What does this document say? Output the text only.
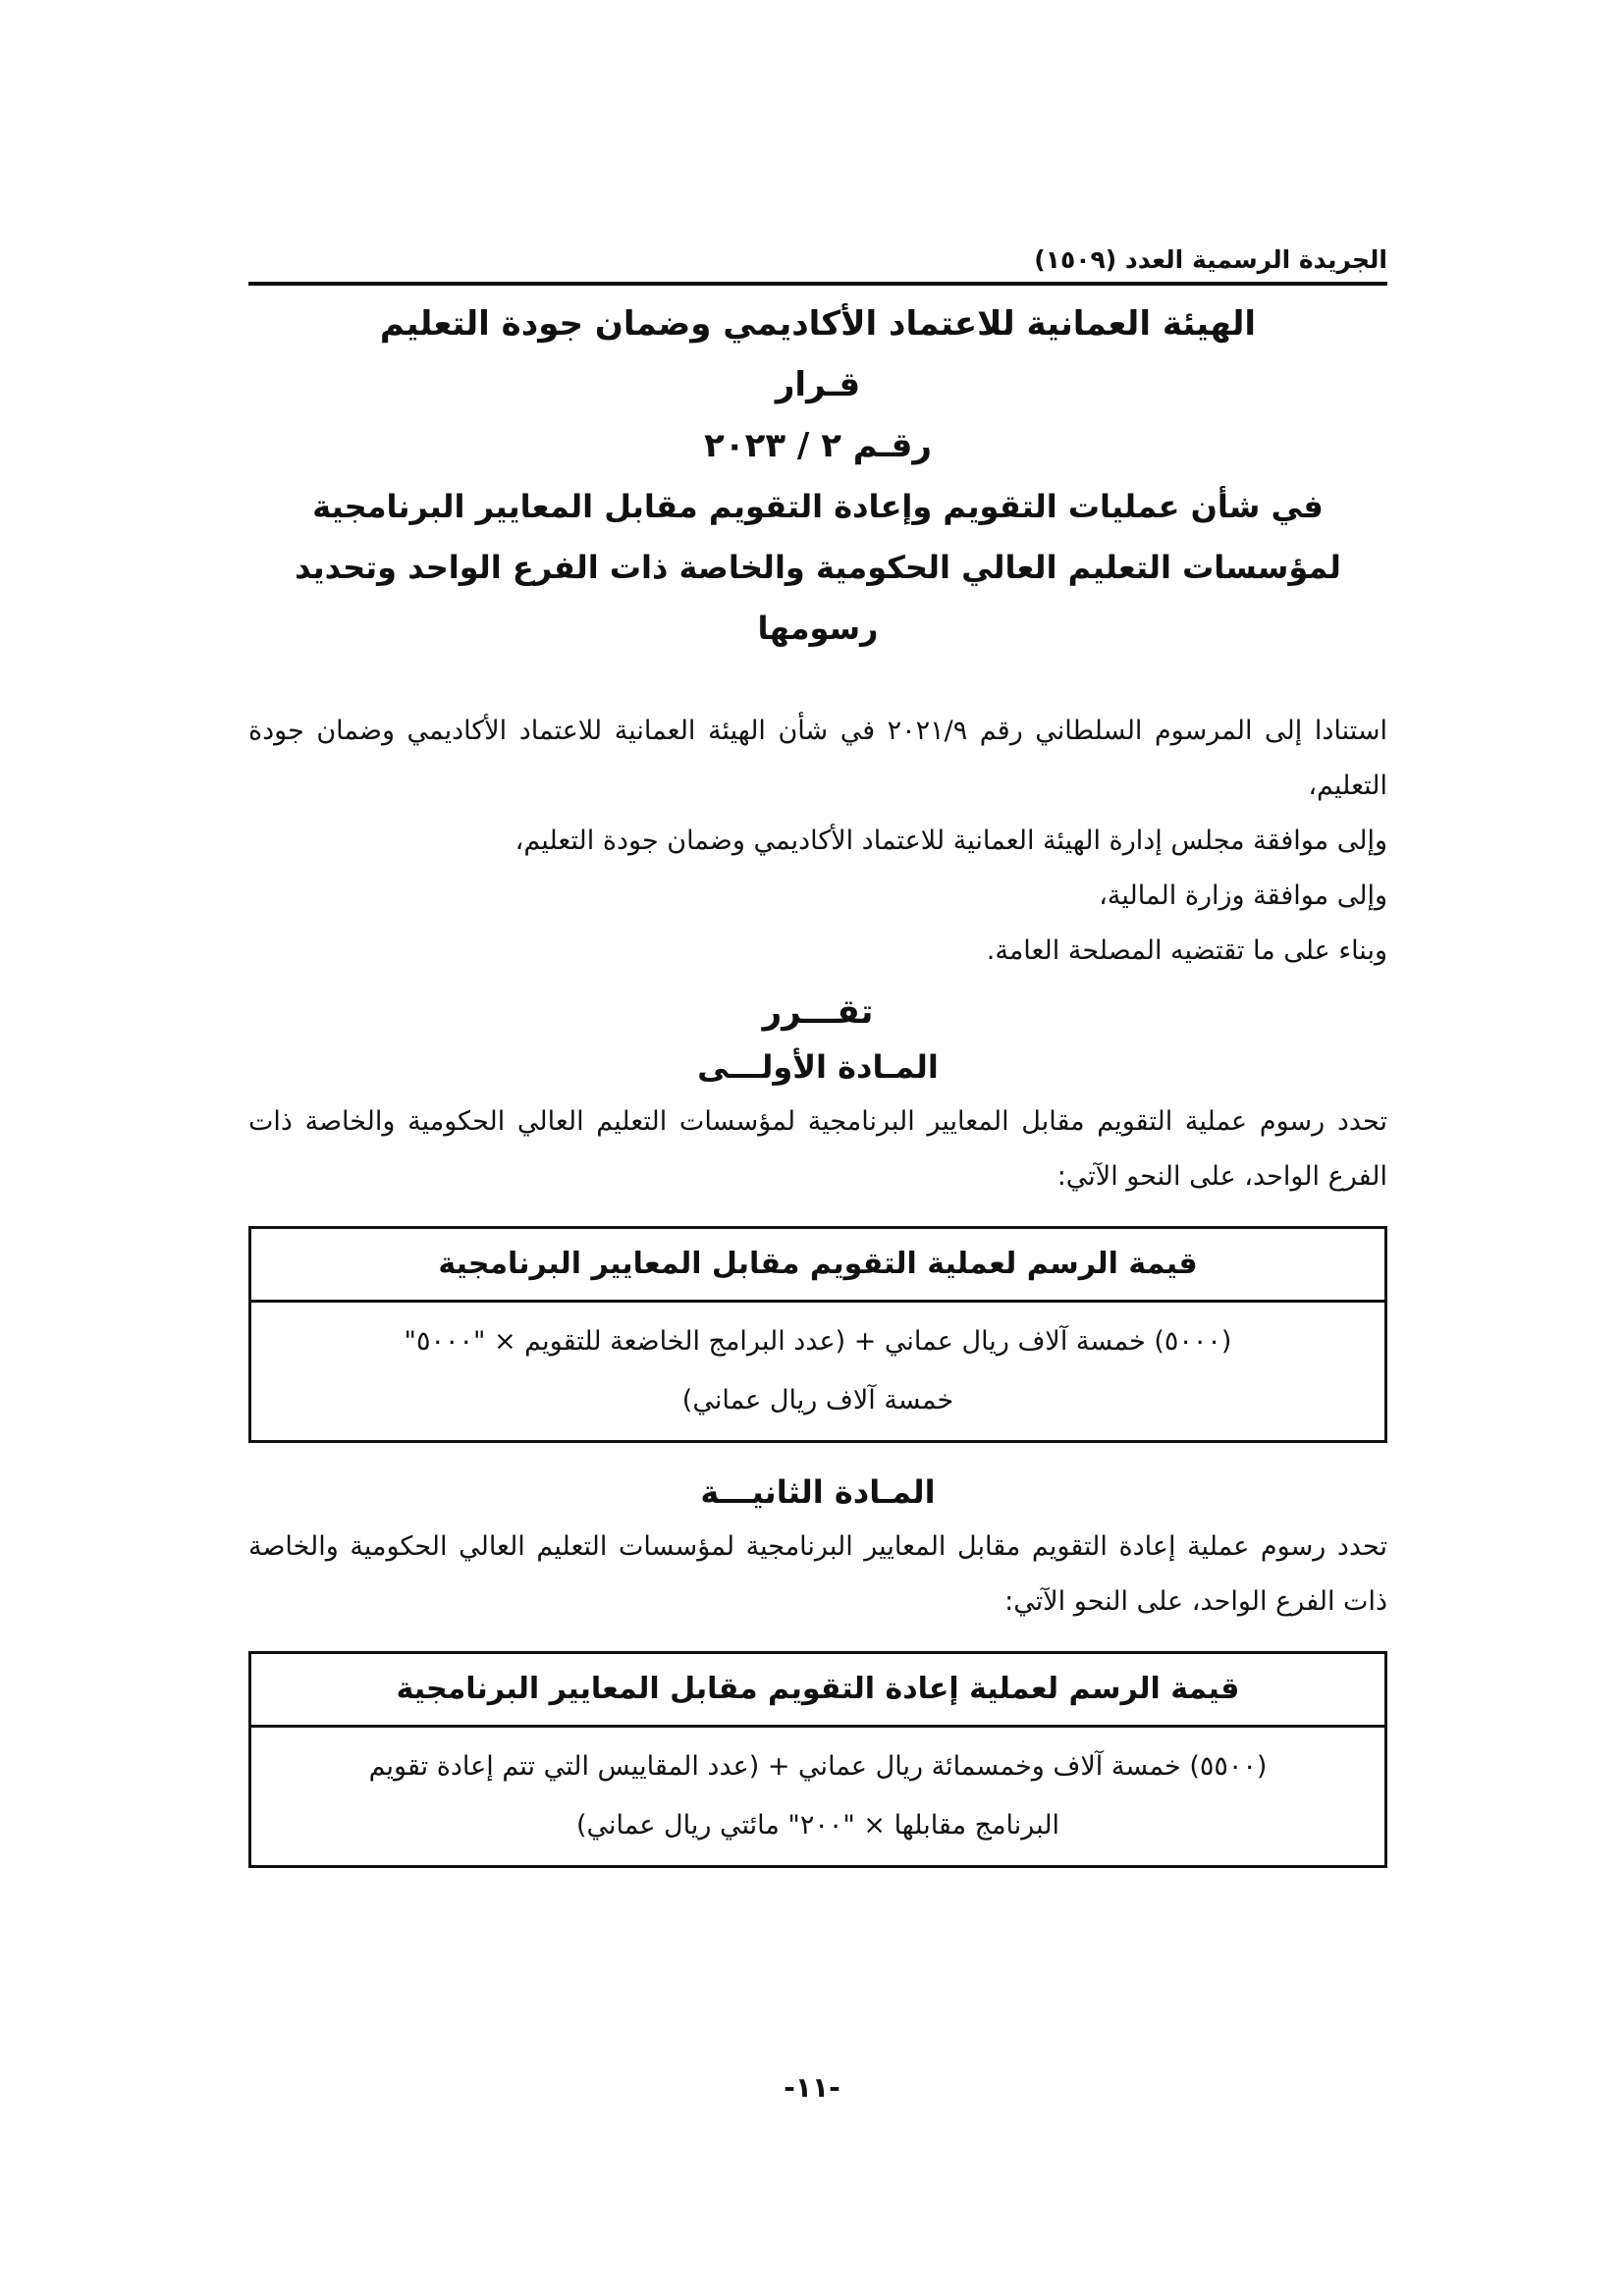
الجريدة الرسمية العدد (١٥٠٩)
الهيئة العمانية للاعتماد الأكاديمي وضمان جودة التعليم
قـرار
رقـم ٢ / ٢٠٢٣
في شأن عمليات التقويم وإعادة التقويم مقابل المعايير البرنامجية
لمؤسسات التعليم العالي الحكومية والخاصة ذات الفرع الواحد وتحديد رسومها

استنادا إلى المرسوم السلطاني رقم ٢٠٢١/٩ في شأن الهيئة العمانية للاعتماد الأكاديمي وضمان جودة التعليم،

وإلى موافقة مجلس إدارة الهيئة العمانية للاعتماد الأكاديمي وضمان جودة التعليم،

وإلى موافقة وزارة المالية،

وبناء على ما تقتضيه المصلحة العامة.

تقـــرر
المـادة الأولـــى

تحدد رسوم عملية التقويم مقابل المعايير البرنامجية لمؤسسات التعليم العالي الحكومية والخاصة ذات الفرع الواحد، على النحو الآتي:

قيمة الرسم لعملية التقويم مقابل المعايير البرنامجية

(٥٠٠٠) خمسة آلاف ريال عماني + (عدد البرامج الخاضعة للتقويم × "٥٠٠٠"

خمسة آلاف ريال عماني)

المـادة الثانيـــة

تحدد رسوم عملية إعادة التقويم مقابل المعايير البرنامجية لمؤسسات التعليم العالي الحكومية والخاصة ذات الفرع الواحد، على النحو الآتي:

قيمة الرسم لعملية إعادة التقويم مقابل المعايير البرنامجية

(٥٥٠٠) خمسة آلاف وخمسمائة ريال عماني + (عدد المقاييس التي تتم إعادة تقويم

البرنامج مقابلها × "٢٠٠" مائتي ريال عماني)

-١١-
